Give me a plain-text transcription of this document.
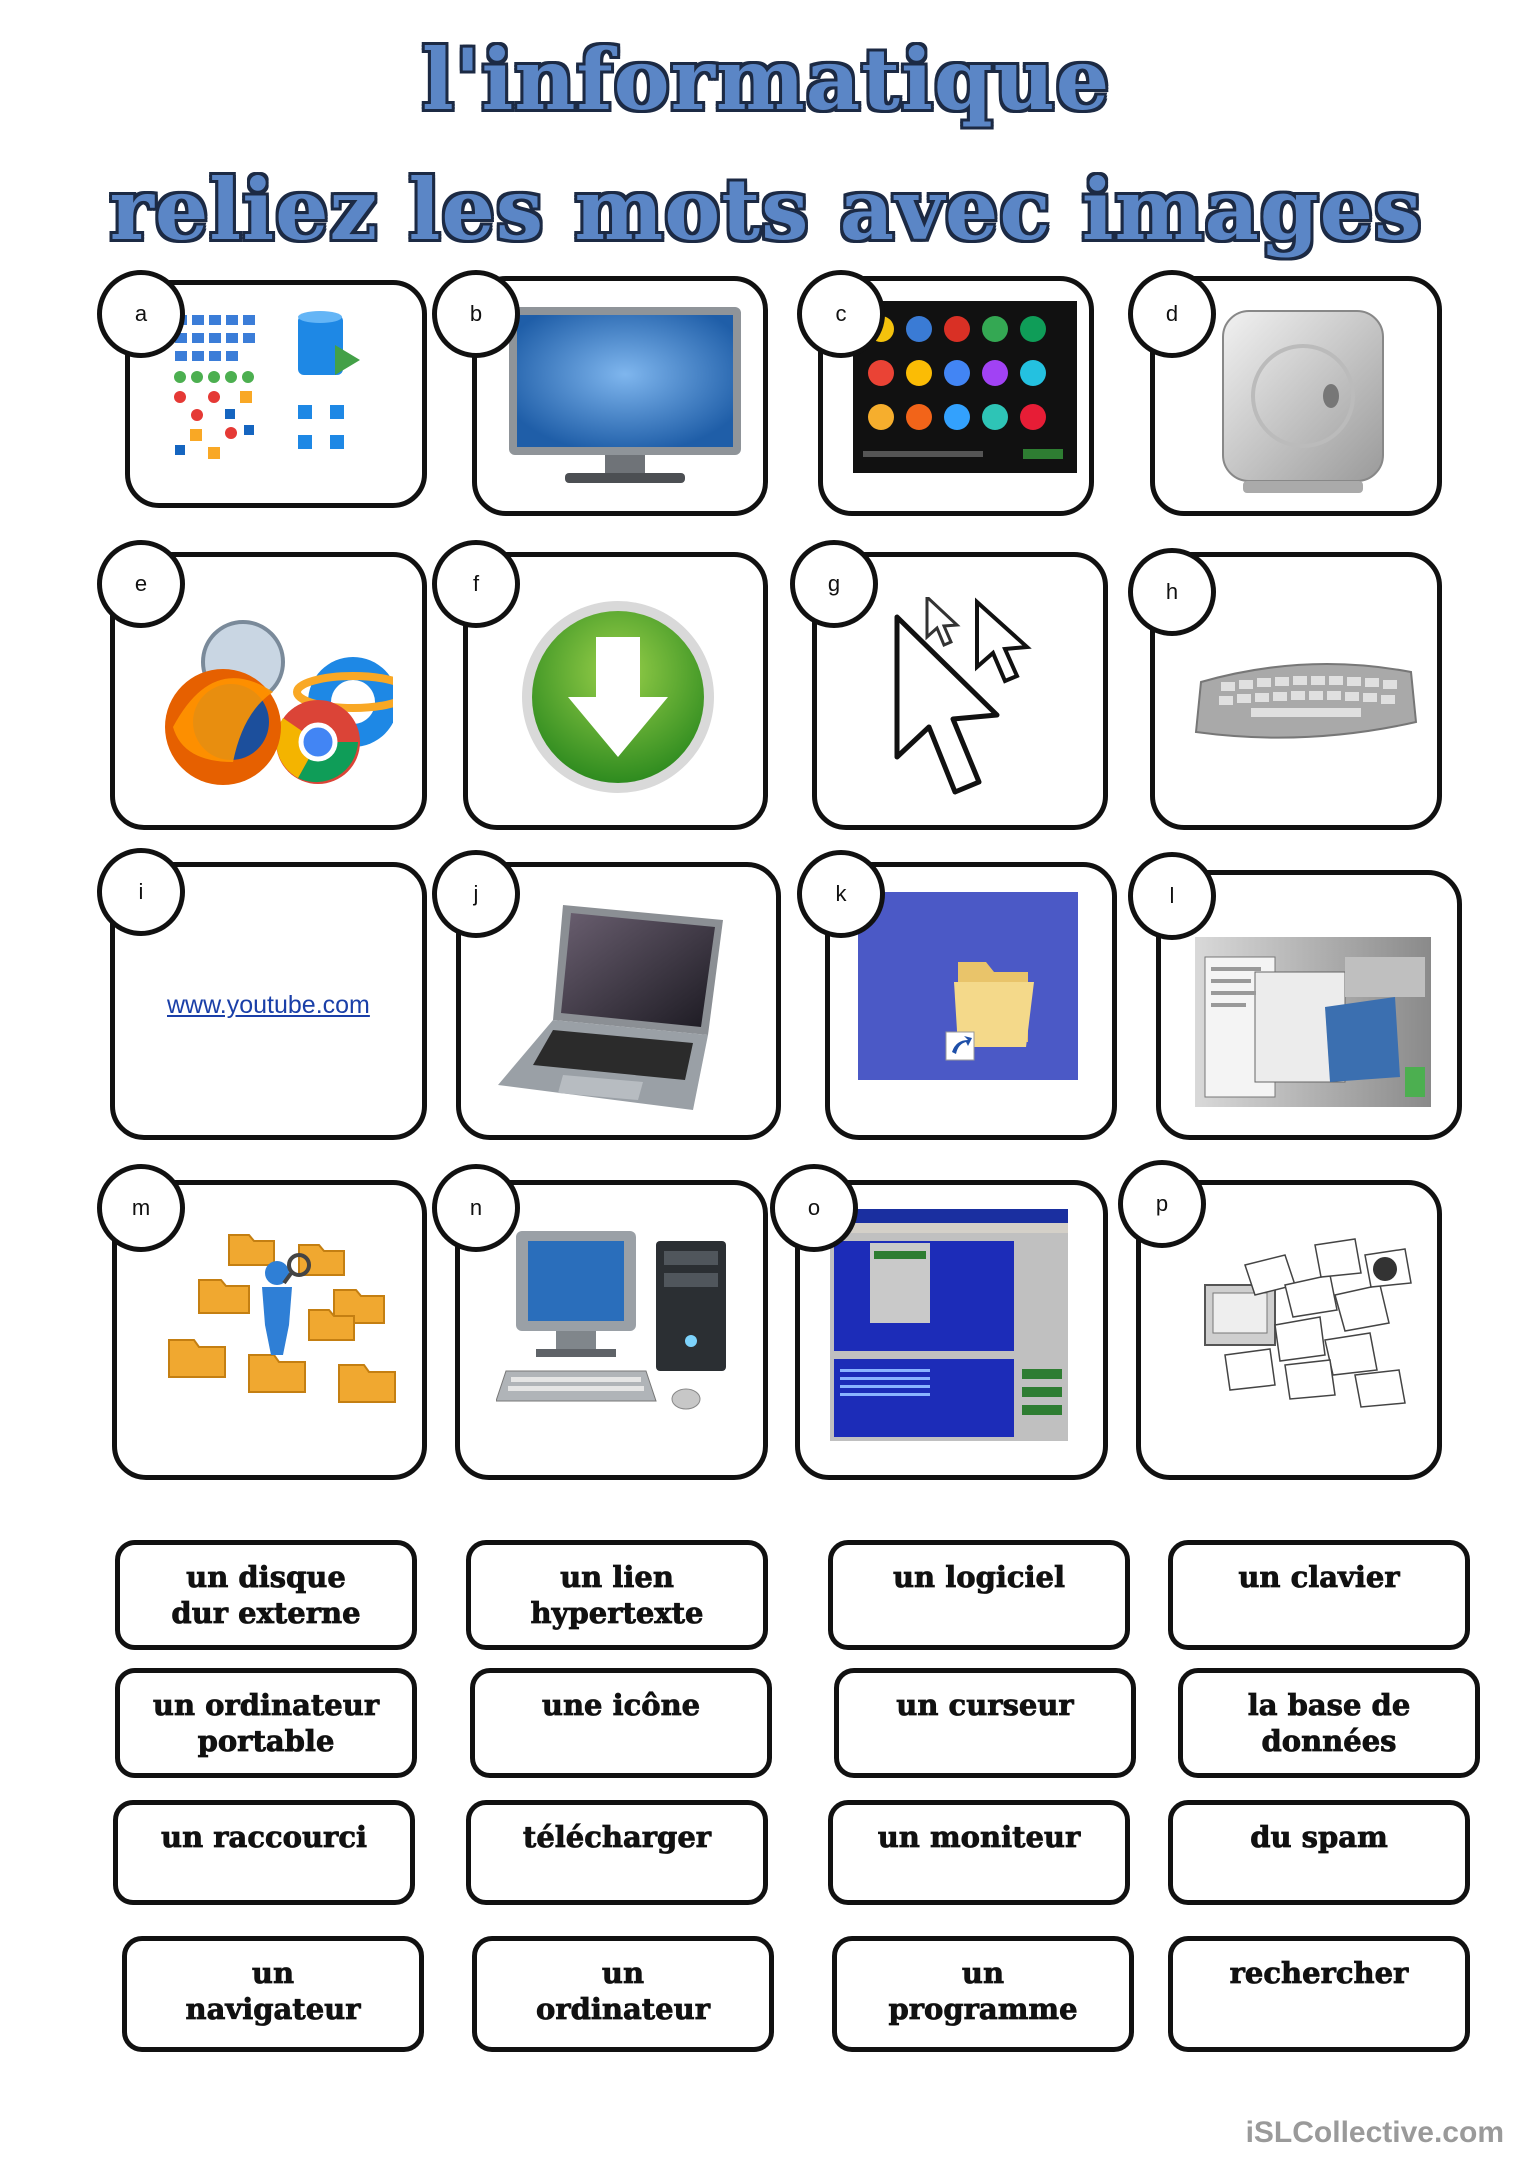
l'informatique
reliez les mots avec images
a	b	c	d
e	f	g	h
www.youtube.com
i	j	k	l
m	n	o	p
un disque
dur externe
un lien
hypertexte
un logiciel	un clavier
un ordinateur
portable
une icône	un curseur	la base de
données
un raccourci	télécharger	un moniteur	du spam
un
navigateur
un
ordinateur
un
programme
rechercher
iSLCollective.com
